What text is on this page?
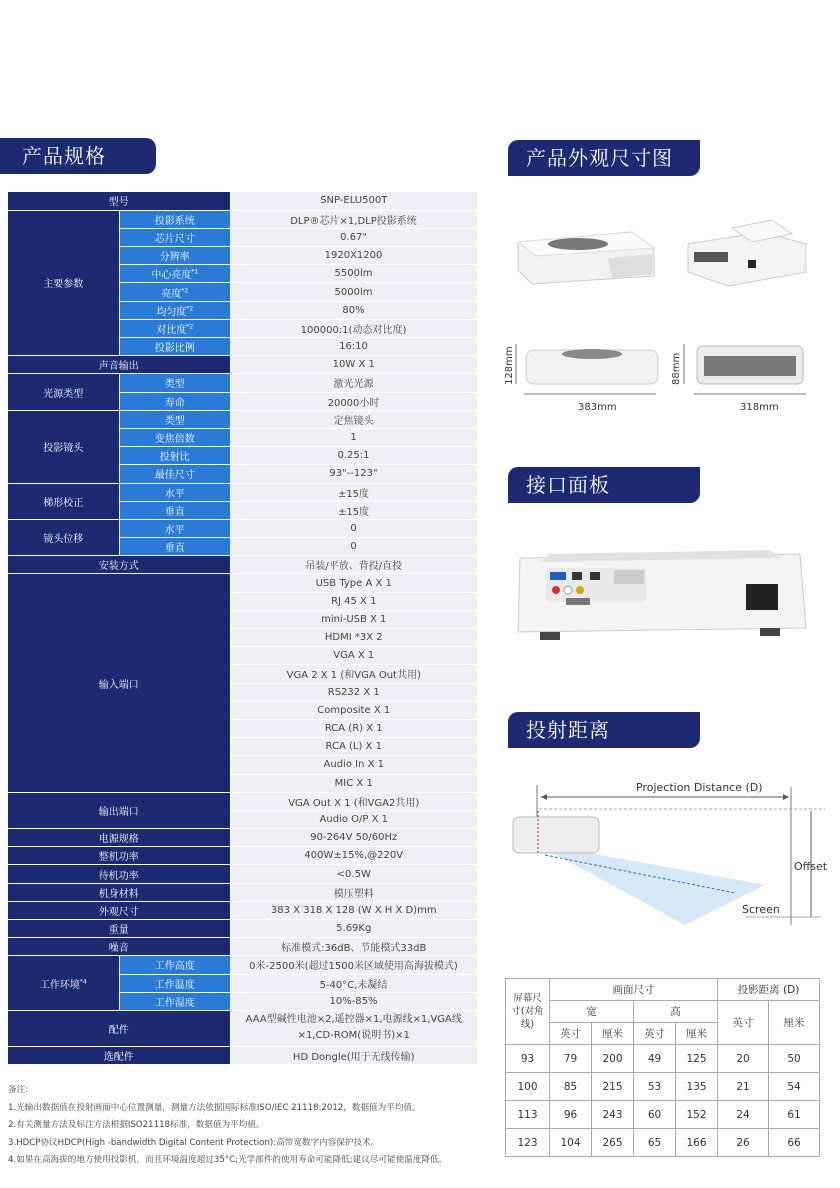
产品规格	产品外观尺寸图
接口面板
投射距离
型号		SNP-ELU500T
主要参数	投影系统	DLP®芯片×1,DLP投影系统
	芯片尺寸	0.67"
	分辨率	1920X1200
	中心亮度$^{*1}$	5500lm
	亮度$^{*2}$	5000lm
	均匀度$^{*2}$	80%
	对比度$^{*2}$	100000:1(动态对比度)
	投影比例	16:10
声音输出		10W X 1
光源类型	类型	激光光源
	寿命	20000小时
投影镜头	类型	定焦镜头
	变焦倍数	1
	投射比	0.25:1
	最佳尺寸	93"--123"
梯形校正	水平	±15度
	垂直	±15度
镜头位移	水平	0
	垂直	0
安装方式		吊装/平放、背投/直投
输入端口		USB Type A X 1
		RJ 45 X 1
		mini-USB X 1
		HDMI *3X 2
		VGA X 1
		VGA 2 X 1 (和VGA Out共用)
		RS232 X 1
		Composite X 1
		RCA (R) X 1
		RCA (L) X 1
		Audio In X 1
		MIC X 1
输出端口		VGA Out X 1 (和VGA2共用)
		Audio O/P X 1
电源规格		90-264V 50/60Hz
整机功率		400W±15%,@220V
待机功率		<0.5W
机身材料		模压塑料
外观尺寸		383 X 318 X 128 (W X H X D)mm
重量		5.69Kg
噪音		标准模式:36dB、节能模式33dB
工作环境$^{*4}$	工作高度	0米-2500米(超过1500米区域使用高海拔模式)
	工作温度	5-40°C,未凝结
	工作湿度	10%-85%
配件		AAA型碱性电池×2,遥控器×1,电源线×1,VGA线×1,CD-ROM(说明书)×1
选配件		HD Dongle(用于无线传输)
备注:
1.光输出数据值在投射画面中心位置测量，测量方法依据国际标准ISO/IEC 21118:2012，数据值为平均值。
2.有关测量方法及标注方法根据ISO21118标准，数据值为平均值。
3.HDCP协议HDCP(High -bandwidth Digital Content Protection):高带宽数字内容保护技术。
4.如果在高海拔的地方使用投影机，而且环境温度超过35°C;光学部件的使用寿命可能降低;建议尽可能使温度降低。
128mm
383mm
88mm
318mm
Projection Distance (D)
Offset
Screen
屏幕尺寸(对角线)	画面尺寸				投影距离 (D)	
	宽		高		英寸	厘米
	英寸	厘米	英寸	厘米		
93	79	200	49	125	20	50
100	85	215	53	135	21	54
113	96	243	60	152	24	61
123	104	265	65	166	26	66
